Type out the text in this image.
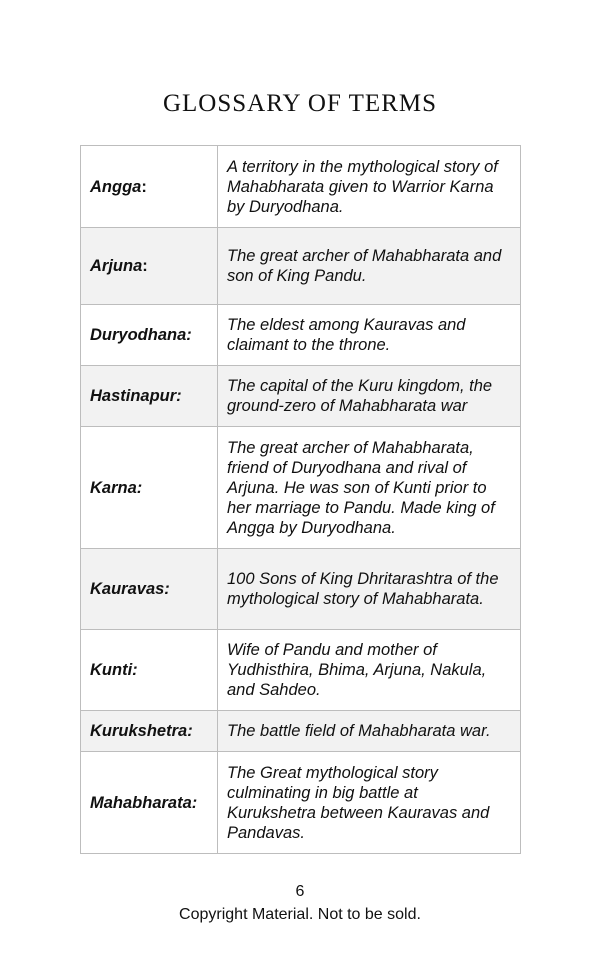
GLOSSARY OF TERMS
Angga:	A territory in the mythological story of Mahabharata given to Warrior Karna by Duryodhana.
Arjuna:	The great archer of Mahabharata and son of King Pandu.
Duryodhana:	The eldest among Kauravas and claimant to the throne.
Hastinapur:	The capital of the Kuru kingdom, the ground-zero of Mahabharata war
Karna:	The great archer of Mahabharata, friend of Duryodhana and rival of Arjuna. He was son of Kunti prior to her marriage to Pandu. Made king of Angga by Duryodhana.
Kauravas:	100 Sons of King Dhritarashtra of the mythological story of Mahabharata.
Kunti:	Wife of Pandu and mother of Yudhisthira, Bhima, Arjuna, Nakula, and Sahdeo.
Kurukshetra:	The battle field of Mahabharata war.
Mahabharata:	The Great mythological story culminating in big battle at Kurukshetra between Kauravas and Pandavas.
6
Copyright Material. Not to be sold.
